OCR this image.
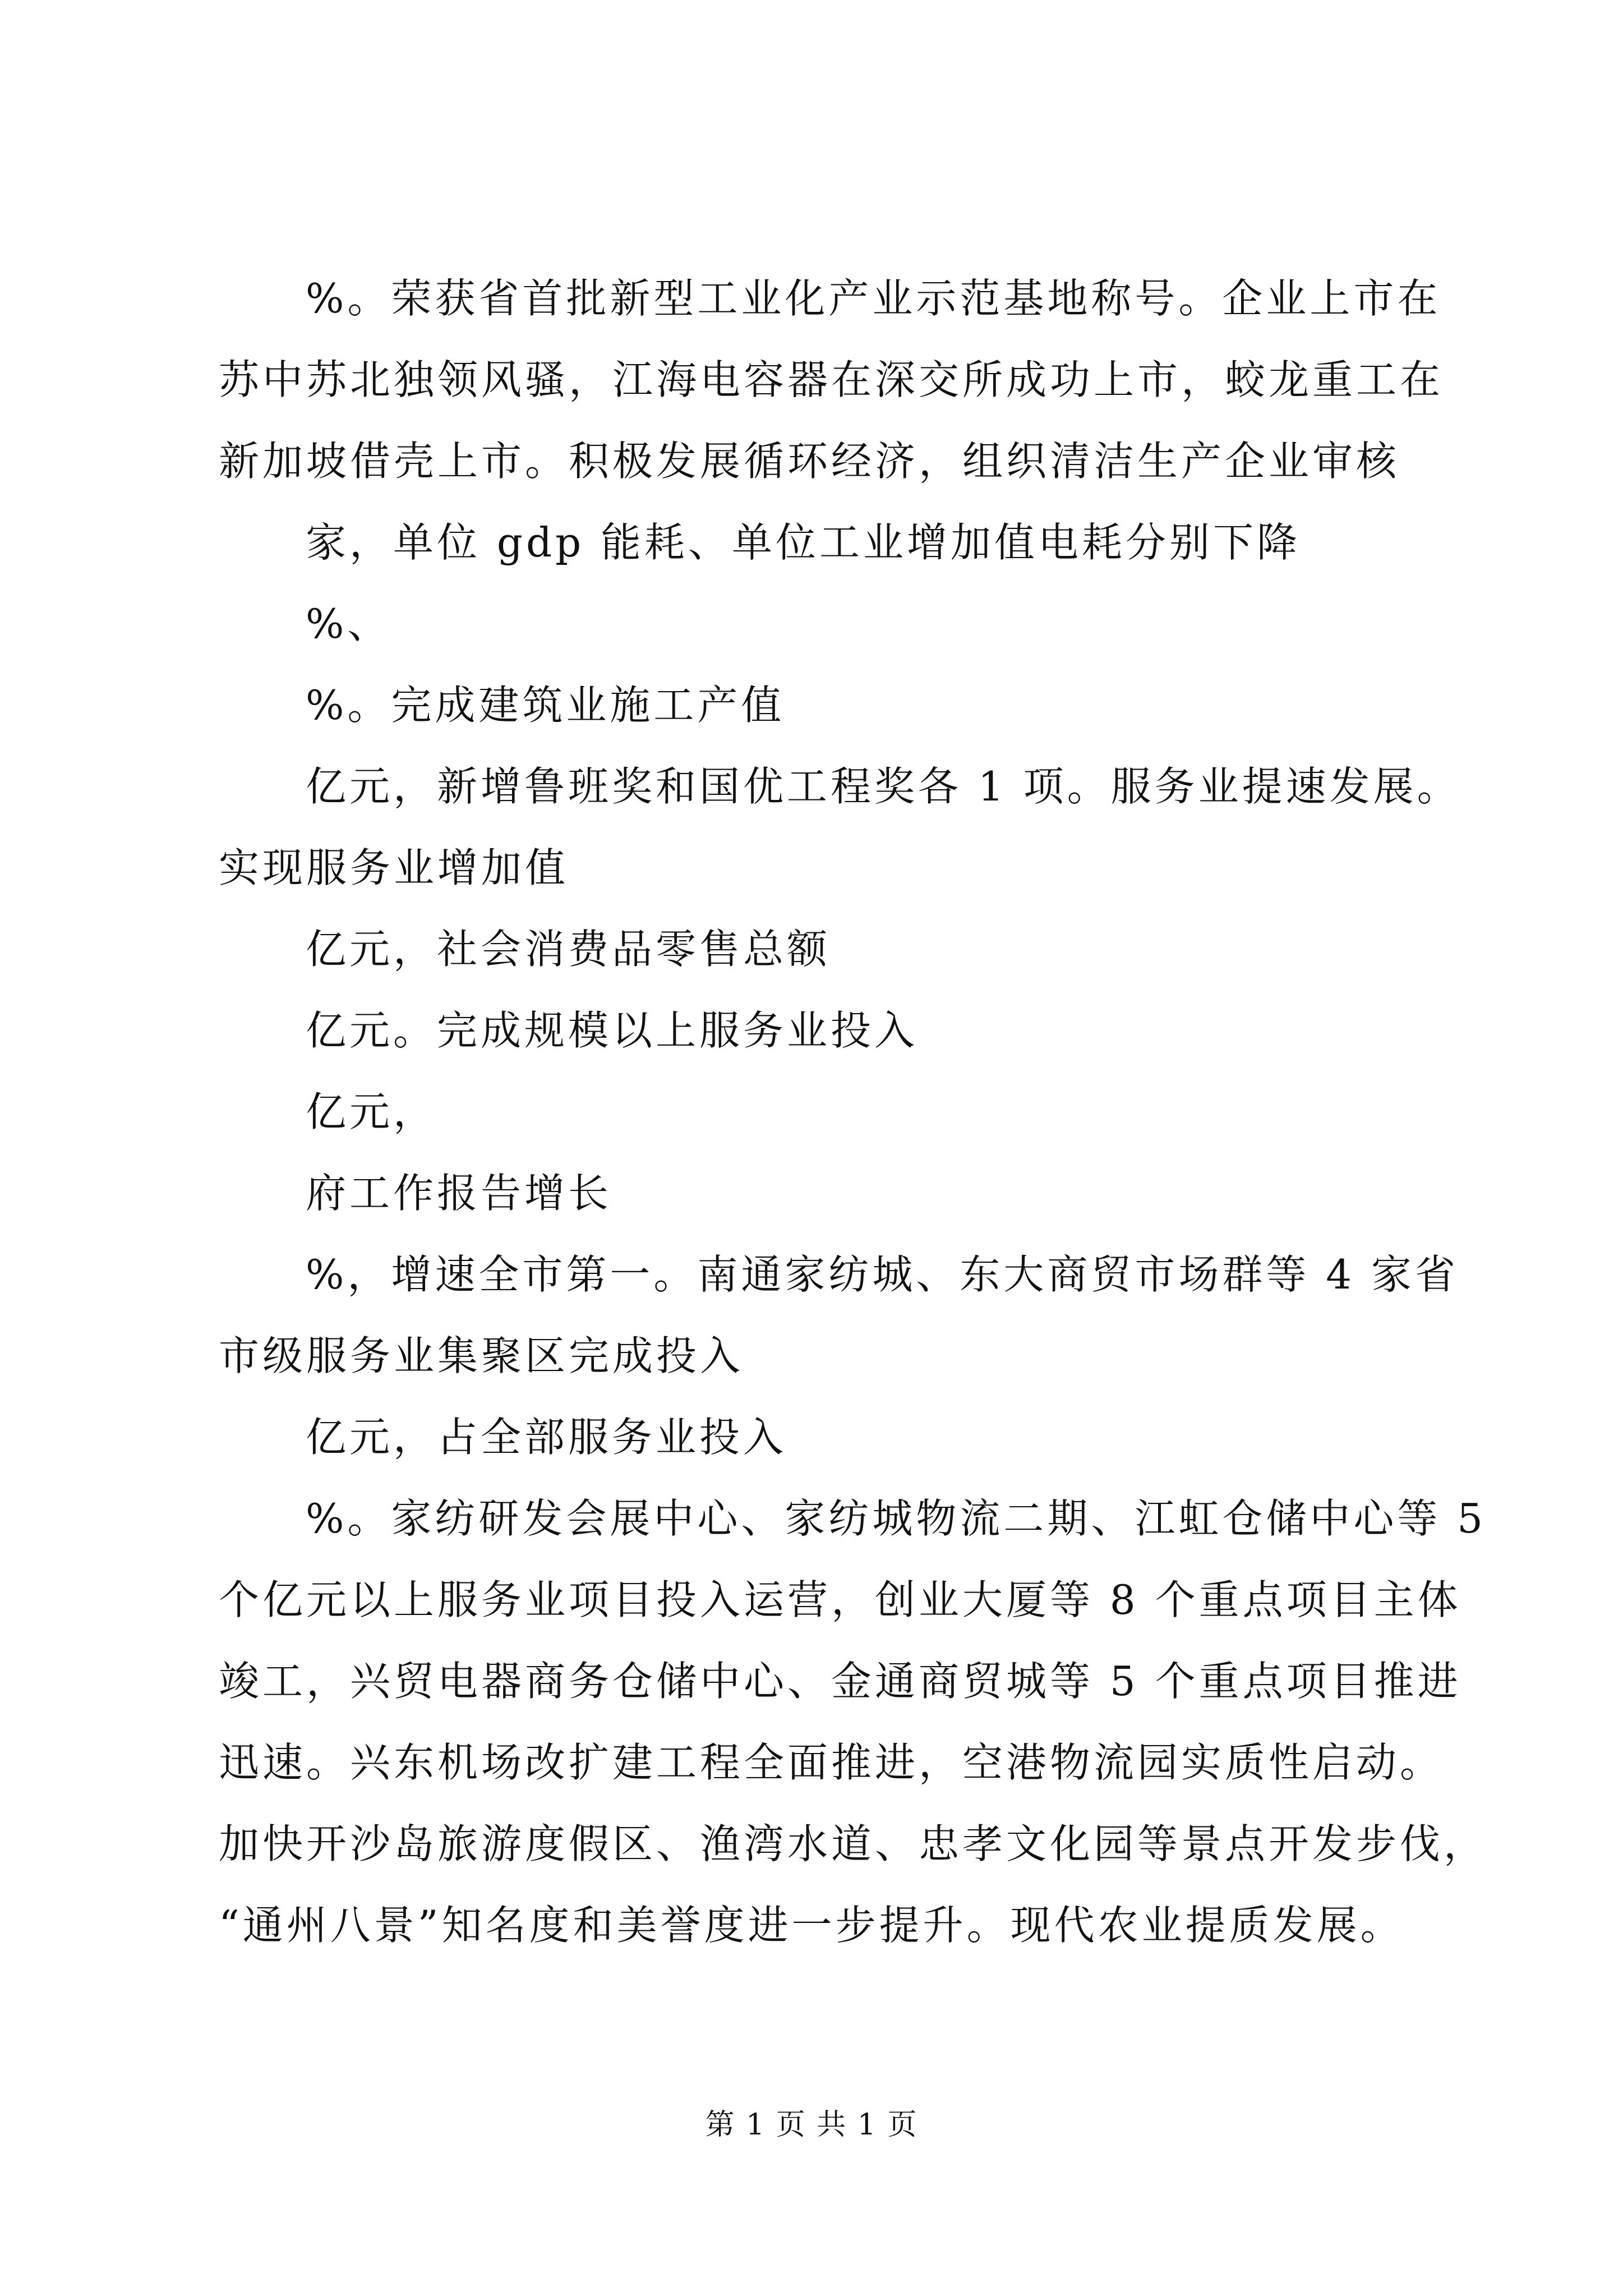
%。荣获省首批新型工业化产业示范基地称号。企业上市在
苏中苏北独领风骚，江海电容器在深交所成功上市，蛟龙重工在
新加坡借壳上市。积极发展循环经济，组织清洁生产企业审核
家，单位 gdp 能耗、单位工业增加值电耗分别下降
%、
%。完成建筑业施工产值
亿元，新增鲁班奖和国优工程奖各 1 项。服务业提速发展。
实现服务业增加值
亿元，社会消费品零售总额
亿元。完成规模以上服务业投入
亿元，
府工作报告增长
%，增速全市第一。南通家纺城、东大商贸市场群等 4 家省
市级服务业集聚区完成投入
亿元，占全部服务业投入
%。家纺研发会展中心、家纺城物流二期、江虹仓储中心等 5
个亿元以上服务业项目投入运营，创业大厦等 8 个重点项目主体
竣工，兴贸电器商务仓储中心、金通商贸城等 5 个重点项目推进
迅速。兴东机场改扩建工程全面推进，空港物流园实质性启动。
加快开沙岛旅游度假区、渔湾水道、忠孝文化园等景点开发步伐，
“通州八景”知名度和美誉度进一步提升。现代农业提质发展。
第 1 页 共 1 页
